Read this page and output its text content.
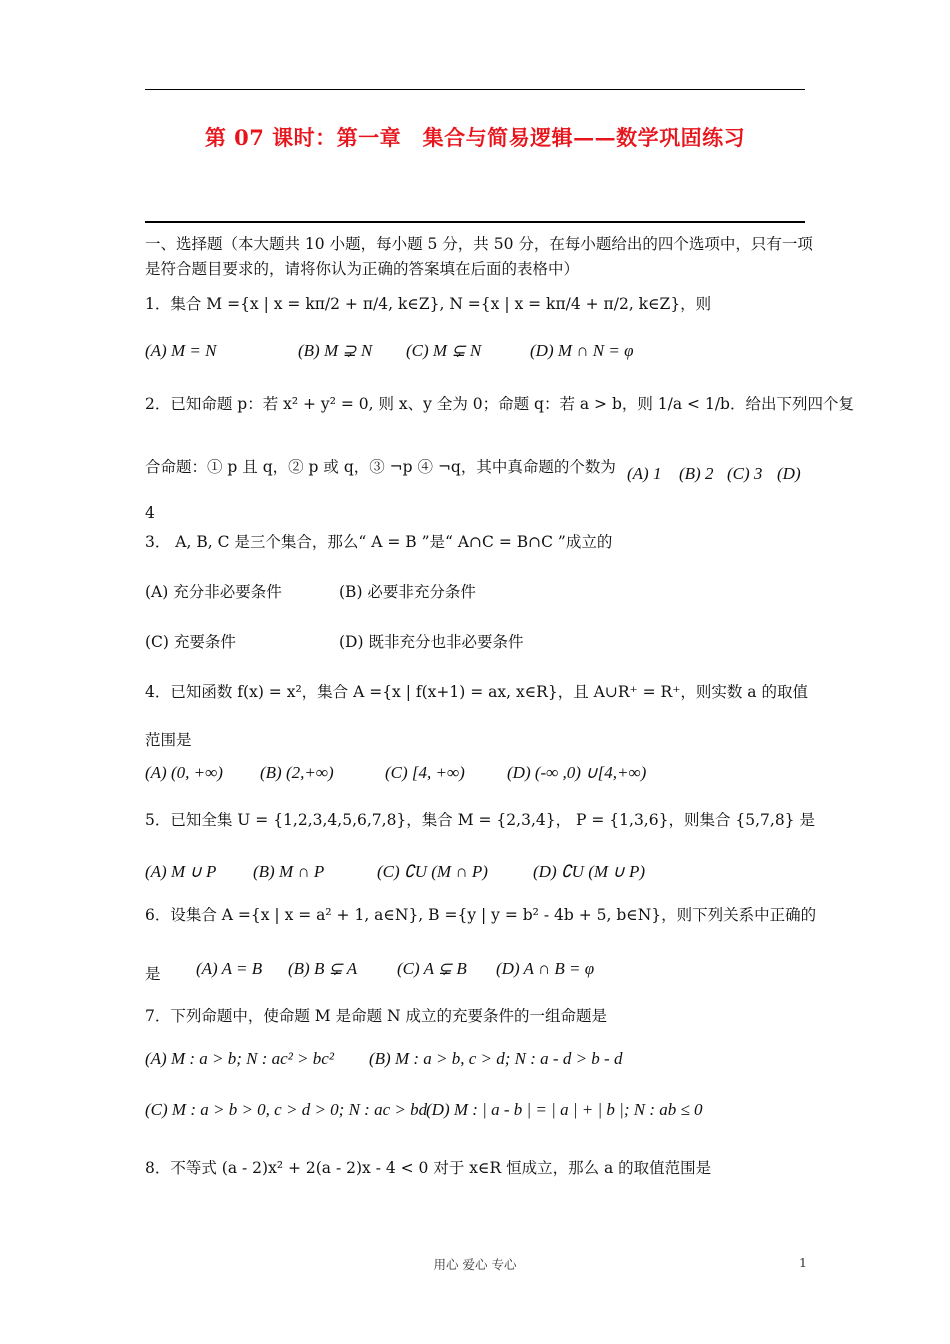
第 07 课时：第一章　集合与简易逻辑——数学巩固练习
一、选择题（本大题共 10 小题，每小题 5 分，共 50 分，在每小题给出的四个选项中，只有一项
是符合题目要求的，请将你认为正确的答案填在后面的表格中）
1．集合 M ={x | x = kπ/2 + π/4, k∈Z}, N ={x | x = kπ/4 + π/2, k∈Z}，则
(A) M = N	(B) M ⊋ N (C) M ⊊ N	(D) M ∩ N = φ
2．已知命题 p：若 x² + y² = 0, 则 x、y 全为 0；命题 q：若 a > b，则 1/a < 1/b．给出下列四个复
合命题：① p 且 q，② p 或 q，③ ¬p ④ ¬q，其中真命题的个数为 (A) 1 (B) 2 (C) 3 (D)
4
3． A, B, C 是三个集合，那么“ A = B ”是“ A∩C = B∩C ”成立的
(A) 充分非必要条件	(B) 必要非充分条件
(C) 充要条件	(D) 既非充分也非必要条件
4．已知函数 f(x) = x²，集合 A ={x | f(x+1) = ax, x∈R}，且 A∪R⁺ = R⁺，则实数 a 的取值
范围是
(A) (0, +∞) (B) (2,+∞)	(C) [4, +∞) (D) (-∞ ,0) ∪[4,+∞)
5．已知全集 U = {1,2,3,4,5,6,7,8}，集合 M = {2,3,4}， P = {1,3,6}，则集合 {5,7,8} 是
(A) M ∪ P (B) M ∩ P	(C) ∁U (M ∩ P)	(D) ∁U (M ∪ P)
6．设集合 A ={x | x = a² + 1, a∈N}, B ={y | y = b² - 4b + 5, b∈N}，则下列关系中正确的
是 (A) A = B (B) B ⊊ A (C) A ⊊ B (D) A ∩ B = φ
7．下列命题中，使命题 M 是命题 N 成立的充要条件的一组命题是
(A) M : a > b; N : ac² > bc² (B) M : a > b, c > d; N : a - d > b - d
(C) M : a > b > 0, c > d > 0; N : ac > bd
(D) M : | a - b | = | a | + | b |; N : ab ≤ 0
8．不等式 (a - 2)x² + 2(a - 2)x - 4 < 0 对于 x∈R 恒成立，那么 a 的取值范围是
用心 爱心 专心	1
